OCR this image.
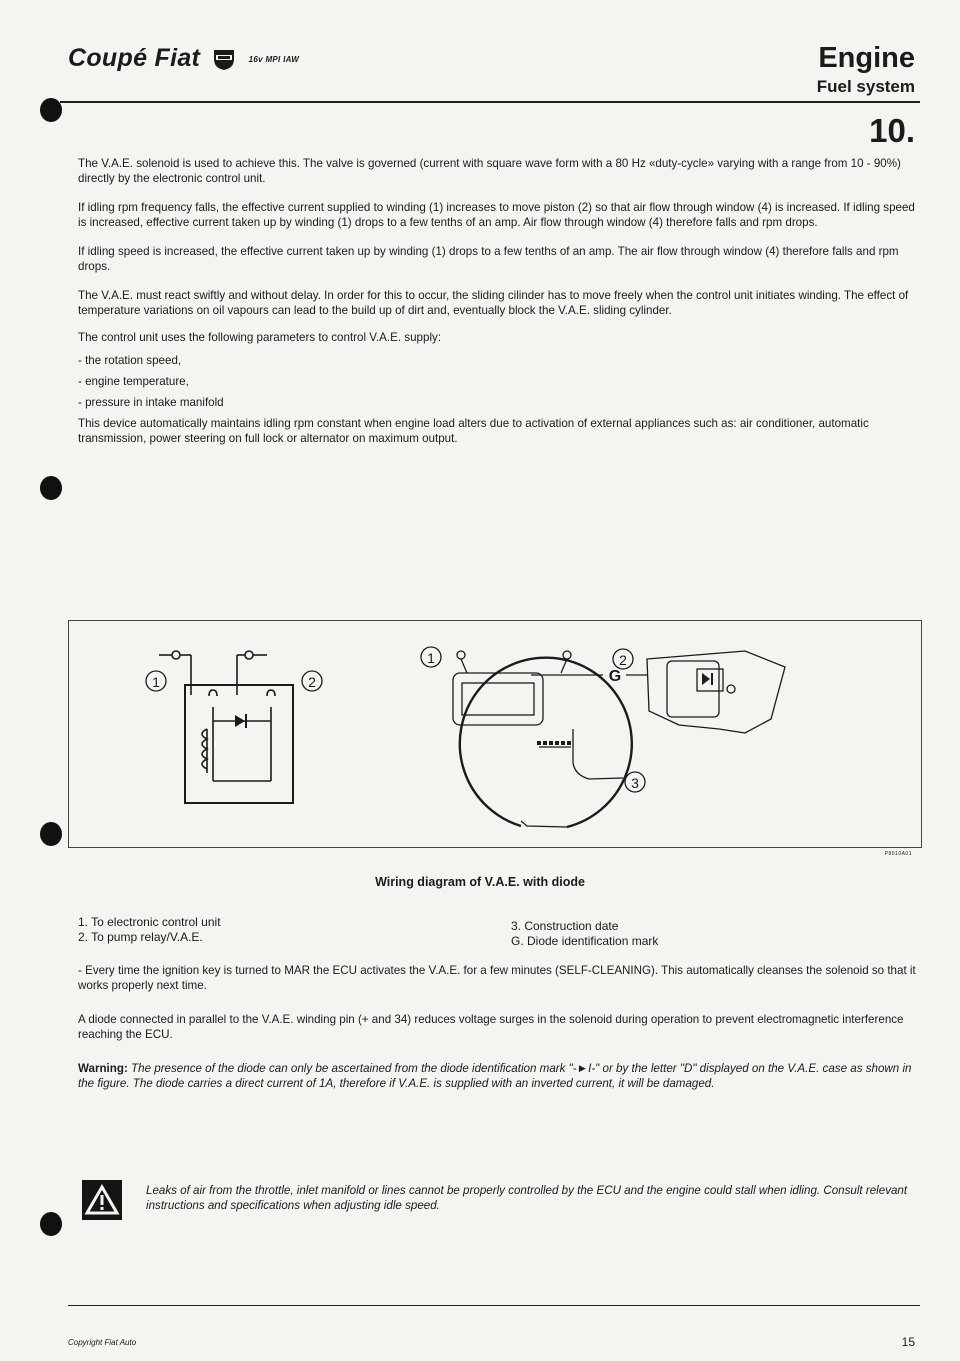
Coupé Fiat	16v MPI IAW	Engine
Fuel system
10.

The V.A.E. solenoid is used to achieve this. The valve is governed (current with square wave form with a 80 Hz «duty-cycle» varying with a range from 10 - 90%) directly by the electronic control unit.

If idling rpm frequency falls, the effective current supplied to winding (1) increases to move piston (2) so that air flow through window (4) is increased. If idling speed is increased, effective current taken up by winding (1) drops to a few tenths of an amp. Air flow through window (4) therefore falls and rpm drops.

If idling speed is increased, the effective current taken up by winding (1) drops to a few tenths of an amp. The air flow through window (4) therefore falls and rpm drops.

The V.A.E. must react swiftly and without delay. In order for this to occur, the sliding cilinder has to move freely when the control unit initiates winding. The effect of temperature variations on oil vapours can lead to the build up of dirt and, eventually block the V.A.E. sliding cylinder.

The control unit uses the following parameters to control V.A.E. supply:

- the rotation speed,
- engine temperature,
- pressure in intake manifold

This device automatically maintains idling rpm constant when engine load alters due to activation of external appliances such as: air conditioner, automatic transmission, power steering on full lock or alternator on maximum output.

1	2
1	2
3
G
P8010A01
Wiring diagram of V.A.E. with diode
1. To electronic control unit
2. To pump relay/V.A.E.
3. Construction date
G. Diode identification mark

- Every time the ignition key is turned to MAR the ECU activates the V.A.E. for a few minutes (SELF-CLEANING). This automatically cleanses the solenoid so that it works properly next time.

A diode connected in parallel to the V.A.E. winding pin (+ and 34) reduces voltage surges in the solenoid during operation to prevent electromagnetic interference reaching the ECU.

Warning: The presence of the diode can only be ascertained from the diode identification mark "-►I-" or by the letter "D" displayed on the V.A.E. case as shown in the figure. The diode carries a direct current of 1A, therefore if V.A.E. is supplied with an inverted current, it will be damaged.

Leaks of air from the throttle, inlet manifold or lines cannot be properly controlled by the ECU and the engine could stall when idling. Consult relevant instructions and specifications when adjusting idle speed.
Copyright Fiat Auto	15
